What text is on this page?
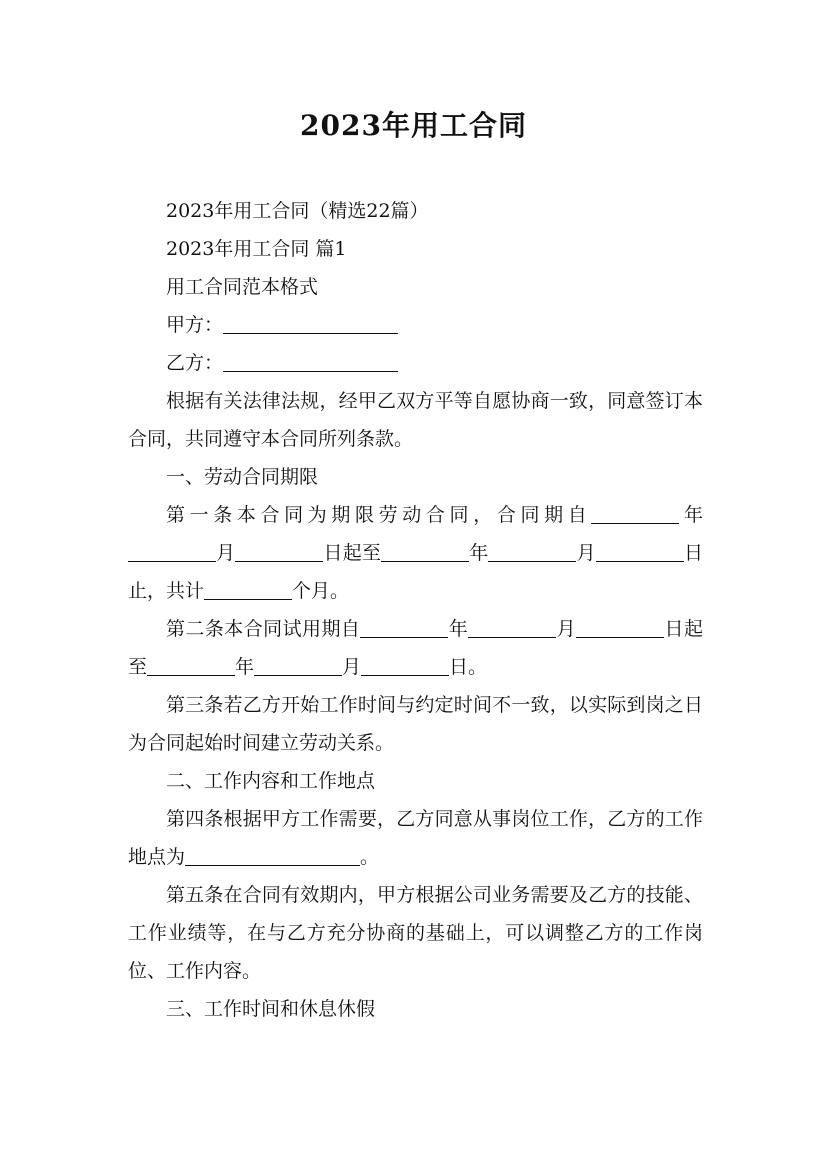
2023年用工合同

2023年用工合同（精选22篇）

2023年用工合同 篇1

用工合同范本格式

甲方：

乙方：

根据有关法律法规，经甲乙双方平等自愿协商一致，同意签订本合同，共同遵守本合同所列条款。

一、劳动合同期限

第一条本合同为期限劳动合同，合同期自	年月	日起至	年	月	日止，共计	个月。

第二条本合同试用期自	年	月	日起至	年	月	日。

第三条若乙方开始工作时间与约定时间不一致，以实际到岗之日为合同起始时间建立劳动关系。

二、工作内容和工作地点

第四条根据甲方工作需要，乙方同意从事岗位工作，乙方的工作地点为	。

第五条在合同有效期内，甲方根据公司业务需要及乙方的技能、工作业绩等，在与乙方充分协商的基础上，可以调整乙方的工作岗位、工作内容。

三、工作时间和休息休假
